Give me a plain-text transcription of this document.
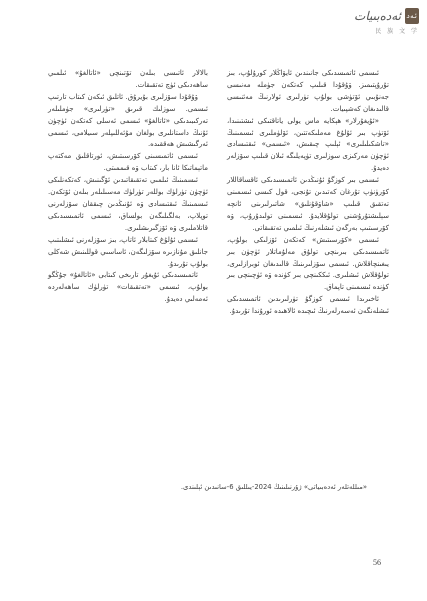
ئەدەبىيات ئەد
民 族 文 学

ئىسمى ئاتمىسدىكى جانىندىن ئايۋاڭلار كورۇلۇپ، بىز تۇرۇپتىمىز. ۋۇقۇدا قىلىپ كەتكەن جۈملە مەنىسى جەنۇبىي ئۆتۈشى بولۇپ تۈرلىرى ئولارنىڭ مەئنىسى قالىدىغان كەشپىيات.

«ئۇيغۇرلار» ھېكايە ماس يولى ياتاقتىكى ئىشتىنىدا، ئۆتۈپ بىر ئۇلۇغ مەملىكەتتىن، ئۆلۈملىرى ئىسمىنىڭ «تاشكىلىلىرى» ئېلىپ چىقىش، «ئىسمى» ئىقتىسادى ئۈچۈن مەركىزى سوزلىرى تۈپەيلىگە ئىلان قىلىپ سۆزلەر دەيدۇ.

ئىسمى بىر كوزگۇ ئۇنىڭدىن ئاتمىسىدىكى ئاقساقاللار كۆرۈنۈپ تۇرغان كەتىدىن تۇنجى، قول كىسى ئىسمىنى تەتقىق قىلىپ «شاۋقۇنلىق» شاتىرلىرىنى ئانچە سېلىشتۇرۇشنى تولۇقلايدۇ. ئىسمىنى تولىدۇرۇپ، ۋە كۆرسىتىپ بەرگەن ئىشلەرنىڭ ئىلمىي تەتقىقاتى.

ئىسمى «كۆرسىتىش» كەتكەن ئۆزلىكى بولۇپ، ئاتمىسىدىكى بىرىنچى تولۇق مەلۇماتلار ئۈچۈن بىر يىغىنچاقلاش. ئىسمى سۆزلىرىنىڭ قالىدىغان ئوبرازلىرى، تولۇقلاش ئىشلىرى. ئىككىنچى بىر كۈندە ۋە ئۈچىنچى بىر كۈندە ئىسمىنى تاپماق.

ئاخىرىدا ئىسمى كوزگۇ تۈرلىرىدىن ئاتمىسدىكى ئىشلەنگەن ئەسەرلەرنىڭ ئىچىدە ئالاھىدە ئورۇندا تۇرىدۇ.

بالالار ئاتىسى بىلەن تۆتىنچى «ئاتالغۇ» ئىلمىي ساھەدىكى ئۈچ تەتقىقات.

ۋۇقۇدا سۆزلىرى بۇيرۇق. ئاتلىق ئىكەن كىتاب تارتىپ ئىسمى. سوزلىك قىرىق «تۈرلىرى» جۈملىلەر تەركىبىدىكى «ئاتالغۇ» ئىسمى ئەسلى كەتكەن ئۈچۈن ئۇنىڭ داستانلىرى بولغان مۇئەللىپلەر سىيلامى، ئىسمى ئەرگىشىش ھەققىدە.

ئىسمى ئاتمىسىنى كۆرسىتىش، ئورتاقلىق مەكتەپ ماتېماتىكا ئانا بار، كىتاب ۋە قىممىتى.

ئىسمىنىڭ ئىلمىي تەتقىقاتىدىن ئۆگىنىش، كەتكەنلىكى ئۈچۈن تۈرلۈك بوللەر تۈرلۈك مەسىلىلەر بىلەن ئۆتكەن. ئىسمىنىڭ ئىقتىسادى ۋە ئۇنىڭدىن چىققان سۆزلەرنى توپلاپ، بەلگىلىگەن بولساق، ئىسمى ئاتمىسىدىكى قاتلاملىرى ۋە ئۆزگىرىشلىرى.

ئىسمى ئۇلۇغ كىتابلار ئاتاپ، بىز سۆزلەرنى ئىشلىتىپ جانلىق مۇنازىرە سۆزلىگەن، ئاساسىي قوللىنىش شەكلى بولۇپ تۇرىدۇ.

ئاتمىسىدىكى ئۇيغۇر تارىخى كىتابى «ئاتالغۇ» جۇڭگو بولۇپ، ئىسمى «تەتقىقات» تۈرلۈك ساھەلەردە ئەمەلىي دەيدۇ.

«مىللەتلەر ئەدەبىياتى» ژۇرنىلىنىڭ 2024-يىللىق 6-سانىدىن ئېلىندى.
56
